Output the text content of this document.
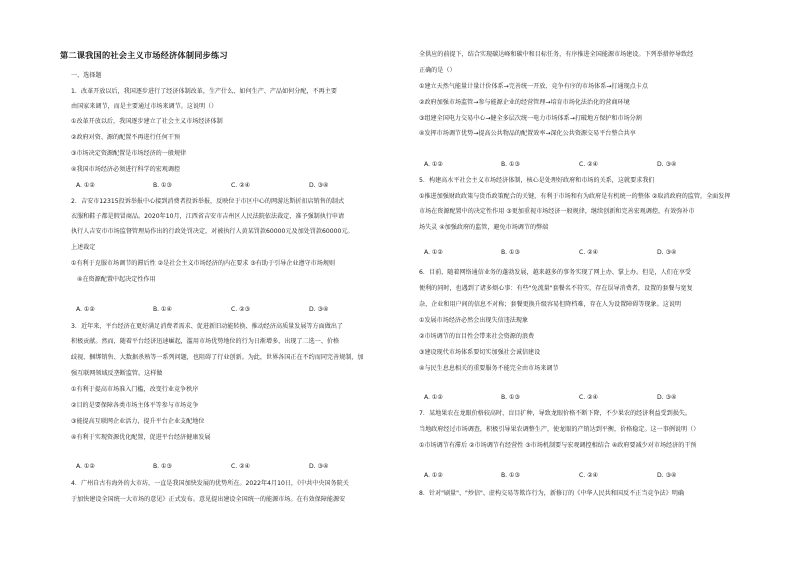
第二课我国的社会主义市场经济体制同步练习
一、选择题
1．改革开放以后，我国逐步进行了经济体制改革，生产什么、如何生产、产品如何分配，不再主要
由国家来调节，而是主要通过市场来调节。这说明（）
①改革开放以后，我国逐步建立了社会主义市场经济体制
②政府对资、源的配置不再进行任何干预
③市场决定资源配置是市场经济的一般规律
④我国市场经济必须进行科学的宏观调控
A. ①②	B. ①③	C. ②④	D. ③④
2．吉安市12315投诉举报中心接到消费者投诉举报，反映位于市区中心的网游达斯折扣店销售的制式
衣服和鞋子都是假冒商品。2020年10月，江西省吉安市吉州区人民法院依法裁定，准予强制执行申请
执行人吉安市市场监督管理局作出的行政处罚决定，对被执行人黄某罚款60000元及加处罚款60000元。
上述裁定
①有利于克服市场调节的滞后性 ②是社会主义市场经济的内在要求 ③有助于引导企业遵守市场规则
④在资源配置中起决定性作用
A. ①②	B. ①④	C. ②③	D. ③④
3．近年来，平台经济在更好满足消费者需求、促进新旧动能转换、推动经济高质量发展等方面做出了
积极贡献。然而，随着平台经济迅速崛起，滥用市场优势地位的行为日渐增多，出现了二选一、价格
歧视、捆绑销售、大数据杀熟等一系列问题，也阻碍了行业创新。为此，世界各国正在不约而同完善规制，加
强互联网领域反垄断监管。这样做
①有利于提高市场准入门槛，改变行业竞争秩序
②目的是要保障各类市场主体平等参与市场竞争
③能提高互联网企业活力，提升平台企业支配地位
④有利于实现资源优化配置，促进平台经济健康发展
A. ①②	B. ①③	C. ②④	D. ③④
4．广州自古有海外的大市坊，一直是我国加快发展的优势所在。2022年4月10日，《中共中央国务院关
于加快建设全国统一大市场的意见》正式发布。意见提出建设全国统一的能源市场。在有效保障能源安
全供应的前提下，结合实现碳达峰和碳中和目标任务，有序推进全国能源市场建设。下列举措停导致经
正确的是（）
①建立天然气能量计量计价体系→完善统一开放、竞争有序的市场体系→打通现点卡点
②政府加强市场监管→参与能源企业的经营管理→培育市场化法治化的营商环境
③组建全国电力交易中心→健全多层次统一电力市场体系→打破地方保护和市场分割
④发挥市场调节优势→提高公共物品的配置效率→深化公共资源交易平台整合共享
A. ①②	B. ①③	C. ②④	D. ③④
5．构建高水平社会主义市场经济体制，核心是处理好政府和市场的关系，这就要求我们
①推进加强财政政策与货币政策配合的关键，有利于市场和有为政府是有机统一的整体 ②取消政府的监管，全面发挥
市场在资源配置中的决定性作用 ③更加重视市场经济一般规律，继续创新和完善宏观调控，有效弥补市
场失灵 ④加强政府的监管，避免市场调节的弊端
A. ①②	B. ①③	C. ②④	D. ③④
6．目前，随着网络通信业务的蓬勃发展，越来越多的事务实现了网上办、掌上办。但是，人们在享受
便利的同时，也遇到了诸多烦心事：有些"免流量"套餐名不符实，存在误导消费者，设置的套餐与宽复
杂，企业和用户间的信息不对称；套餐更换升级容易但降档难，存在人为设置障碍等现象。这说明
①发展市场经济必然会出现失信违法现象
②市场调节的盲目性会带来社会资源的浪费
③建设现代市场体系要切实加强社会诚信建设
④与民生息息相关的重要服务不能完全由市场来调节
A. ①②	B. ①③	C. ②④	D. ③④
7．某地果农在龙眼价格较高时，盲目扩种，导致龙眼价格不断下降，不少果农的经济利益受到损失。
当地政府经过市场调查，积极引导果农调整生产，使龙眼的产销达到平衡，价格稳定。这一事例说明（）
①市场调节有滞后 ②市场调节有经营性 ③市场机制要与宏观调控相结合 ④政府要减少对市场经济的干预
A. ①②	B. ①③	C. ②④	D. ③④
8．针对"刷量"、"炒信"、虚构交易等欺诈行为，新修订的《中华人民共和国反不正当竞争法》明确
